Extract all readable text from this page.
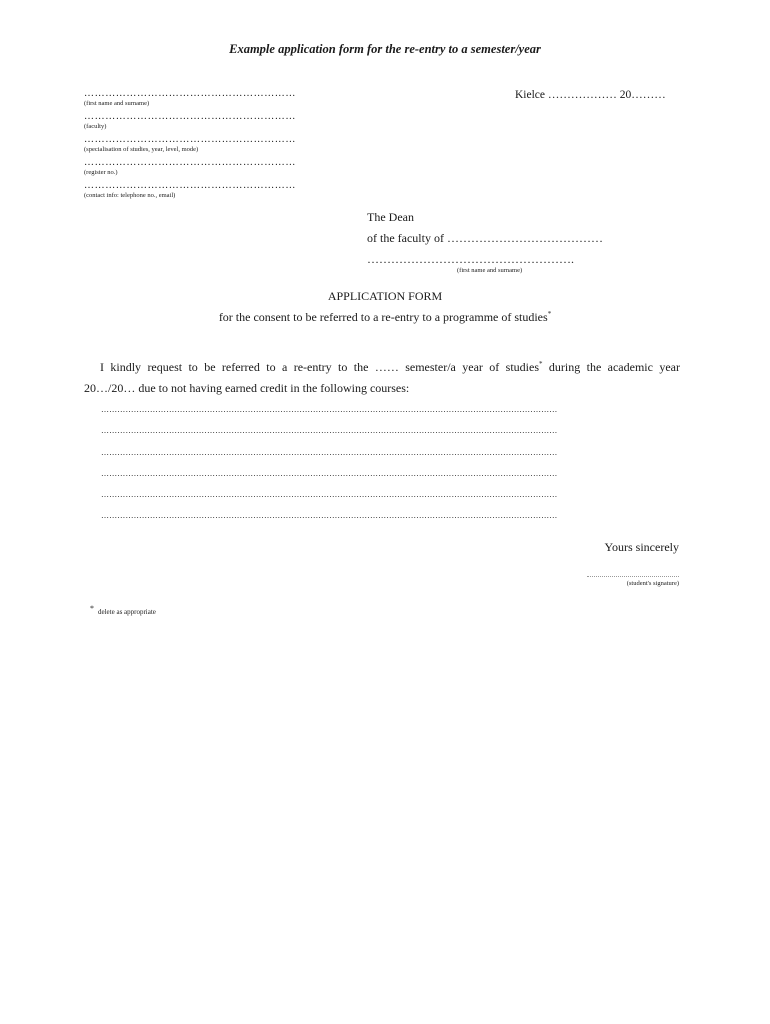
Example application form for the re-entry to a semester/year
……………………………………………………
(first name and surname)
……………………………………………………
(faculty)
……………………………………………………
(specialisation of studies, year, level, mode)
……………………………………………………
(register no.)
……………………………………………………
(contact info: telephone no., email)
Kielce ……………… 20………
The Dean
of the faculty of …………………………………
…………………………………………….
(first name and surname)
APPLICATION FORM
for the consent to be referred to a re-entry to a programme of studies*
I kindly request to be referred to a re-entry to the …… semester/a year of studies* during the academic year
20…/20… due to not having earned credit in the following courses:
……………………………………………………………………………………………………………………………………………………
……………………………………………………………………………………………………………………………………………………
……………………………………………………………………………………………………………………………………………………
……………………………………………………………………………………………………………………………………………………
……………………………………………………………………………………………………………………………………………………
……………………………………………………………………………………………………………………………………………………
Yours sincerely
(student's signature)
* delete as appropriate
